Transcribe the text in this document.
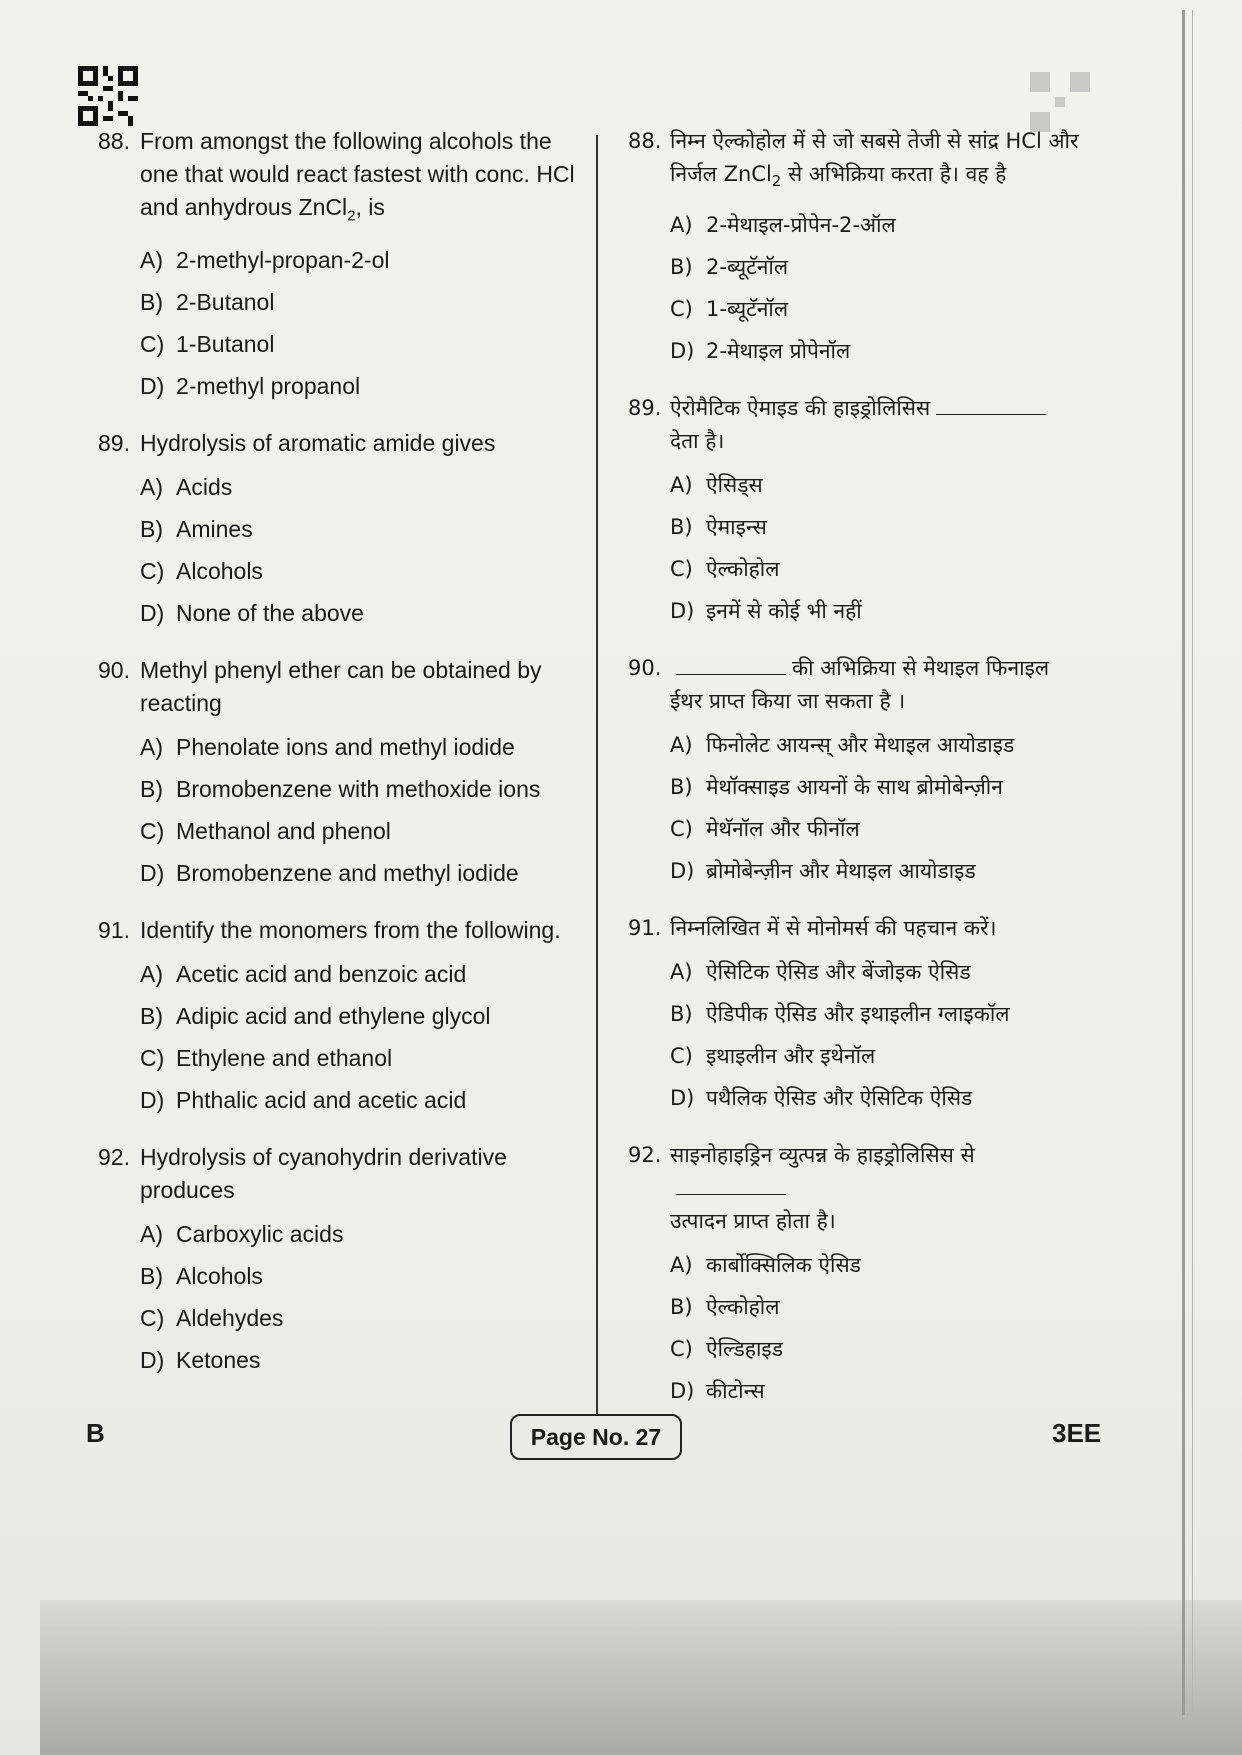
88. From amongst the following alcohols the one that would react fastest with conc. HCl and anhydrous ZnCl$_2$, is
A) 2-methyl-propan-2-ol
B) 2-Butanol
C) 1-Butanol
D) 2-methyl propanol
89. Hydrolysis of aromatic amide gives
A) Acids
B) Amines
C) Alcohols
D) None of the above
90. Methyl phenyl ether can be obtained by reacting
A) Phenolate ions and methyl iodide
B) Bromobenzene with methoxide ions
C) Methanol and phenol
D) Bromobenzene and methyl iodide
91. Identify the monomers from the following.
A) Acetic acid and benzoic acid
B) Adipic acid and ethylene glycol
C) Ethylene and ethanol
D) Phthalic acid and acetic acid
92. Hydrolysis of cyanohydrin derivative produces
A) Carboxylic acids
B) Alcohols
C) Aldehydes
D) Ketones
88. निम्न ऐल्कोहोल में से जो सबसे तेजी से सांद्र HCl और निर्जल ZnCl$_2$ से अभिक्रिया करता है। वह है
A) 2-मेथाइल-प्रोपेन-2-ऑल
B) 2-ब्यूटॅनॉल
C) 1-ब्यूटॅनॉल
D) 2-मेथाइल प्रोपेनॉल
89. ऐरोमैटिक ऐमाइड की हाइड्रोलिसिस
देता है।
A) ऐसिड्स
B) ऐमाइन्स
C) ऐल्कोहोल
D) इनमें से कोई भी नहीं
90.	की अभिक्रिया से मेथाइल फिनाइल ईथर प्राप्त किया जा सकता है ।
A) फिनोलेट आयन्स् और मेथाइल आयोडाइड
B) मेथॉक्साइड आयनों के साथ ब्रोमोबेन्ज़ीन
C) मेथॅनॉल और फीनॉल
D) ब्रोमोबेन्ज़ीन और मेथाइल आयोडाइड
91. निम्नलिखित में से मोनोमर्स की पहचान करें।
A) ऐसिटिक ऐसिड और बेंजोइक ऐसिड
B) ऐडिपीक ऐसिड और इथाइलीन ग्लाइकॉल
C) इथाइलीन और इथेनॉल
D) पथैलिक ऐसिड और ऐसिटिक ऐसिड
92. साइनोहाइड्रिन व्युत्पन्न के हाइड्रोलिसिस से
उत्पादन प्राप्त होता है।
A) कार्बोक्सिलिक ऐसिड
B) ऐल्कोहोल
C) ऐल्डिहाइड
D) कीटोन्स
B	Page No. 27	3EE
